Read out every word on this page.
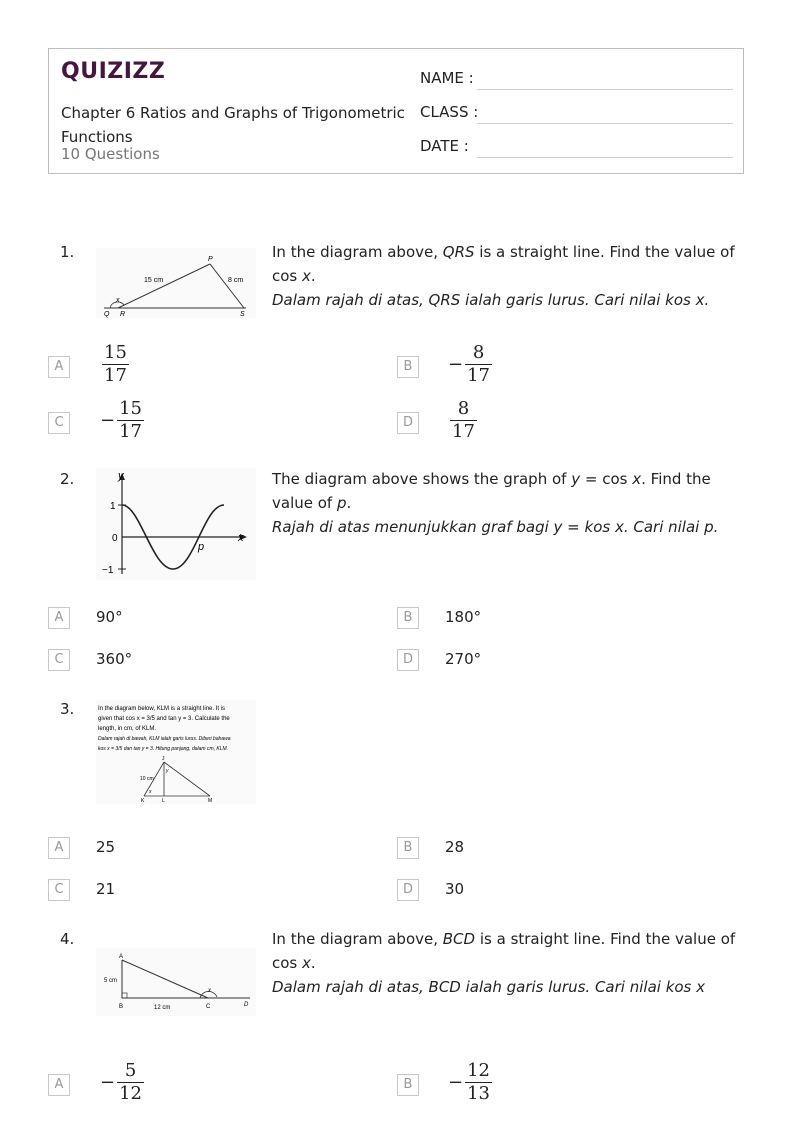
QUIZIZZ
Chapter 6 Ratios and Graphs of Trigonometric Functions
10 Questions
NAME :
CLASS :
DATE :
1.
15 cm	8 cm
P
Q R	S
x
In the diagram above, QRS is a straight line. Find the value of cos x.
Dalam rajah di atas, QRS ialah garis lurus. Cari nilai kos x.
A	$\frac{15}{17}$	B	− $\frac{8}{17}$
C	− $\frac{15}{17}$	D	$\frac{8}{17}$
2.	y
x
1
0
−1
p
The diagram above shows the graph of y = cos x. Find the value of p.
Rajah di atas menunjukkan graf bagi y = kos x. Cari nilai p.
A	90°	B	180°
C	360°	D	270°
3.	In the diagram below, KLM is a straight line. It is
given that cos x = 3/5 and tan y = 3. Calculate the
length, in cm, of KLM.
Dalam rajah di bawah, KLM ialah garis lurus. Diberi bahawa
kos x = 3/5 dan tan y = 3. Hitung panjang, dalam cm, KLM.
10 cm
J
K	L	M
x
y
A	25	B	28
C	21	D	30
4.
5 cm
12 cm
A
B	C	D
x
In the diagram above, BCD is a straight line. Find the value of cos x.
Dalam rajah di atas, BCD ialah garis lurus. Cari nilai kos x
A	− $\frac{5}{12}$	B	− $\frac{12}{13}$
